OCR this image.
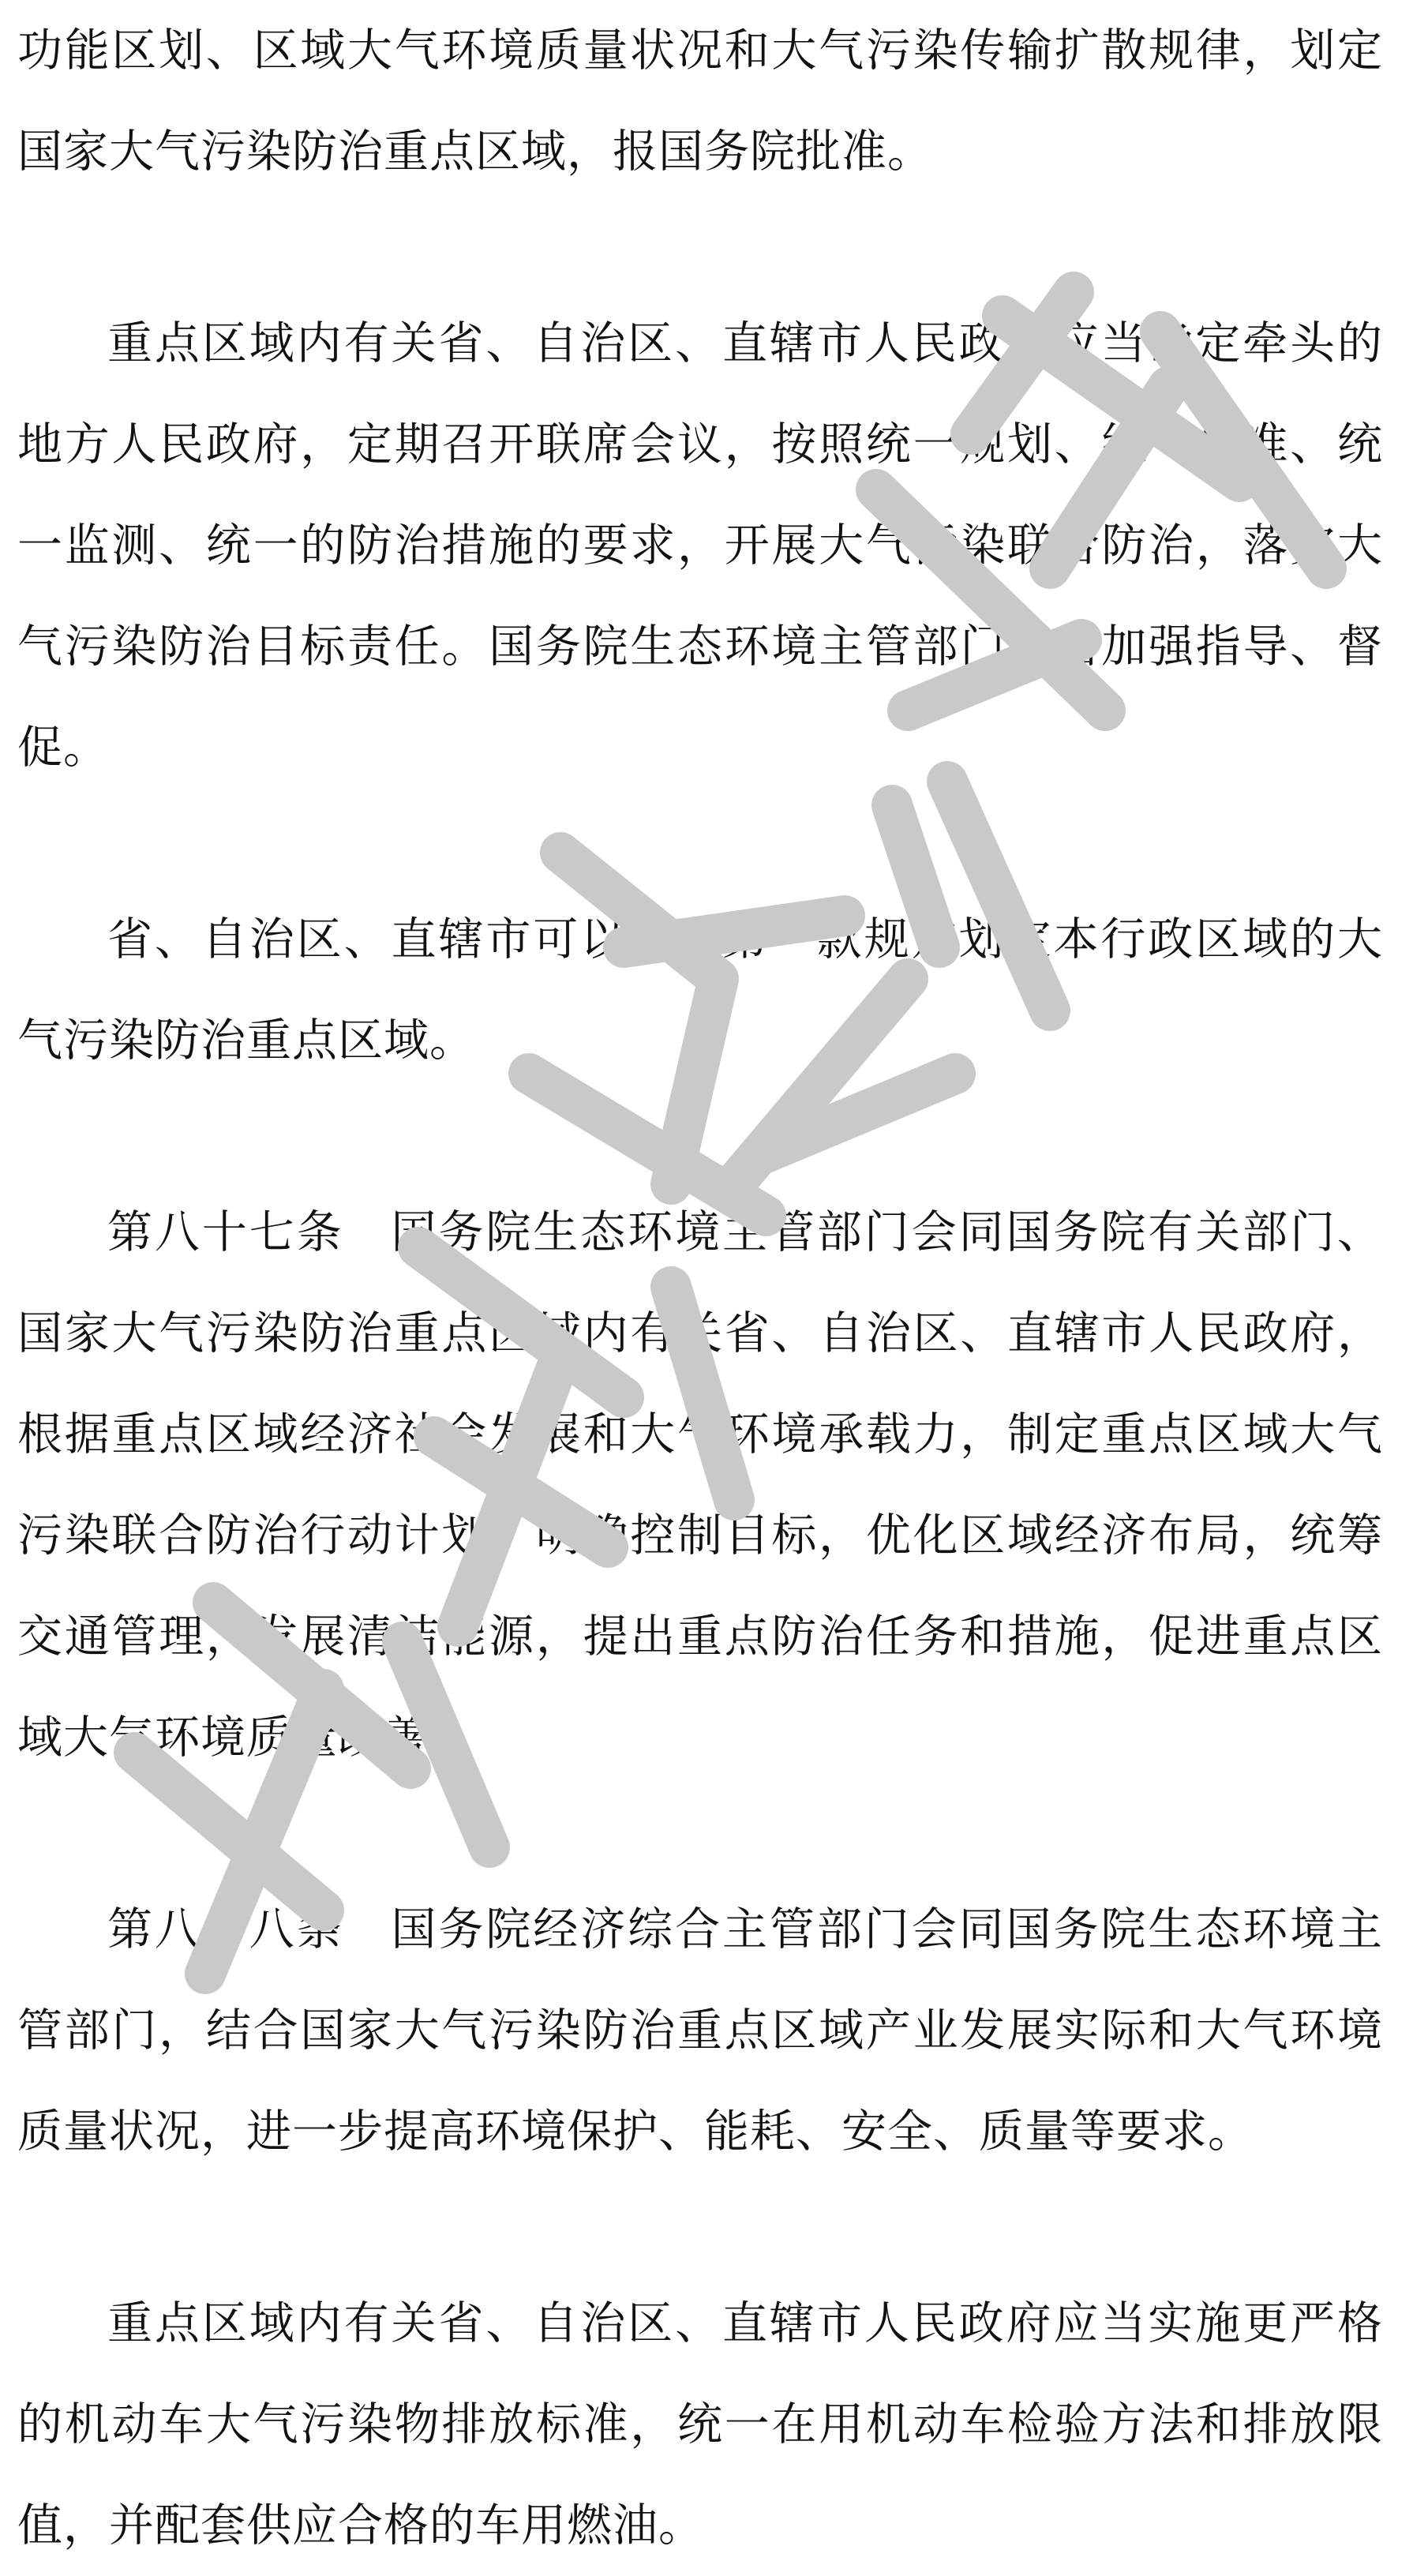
功能区划、区域大气环境质量状况和大气污染传输扩散规律，划定国家大气污染防治重点区域，报国务院批准。

重点区域内有关省、自治区、直辖市人民政府应当确定牵头的地方人民政府，定期召开联席会议，按照统一规划、统一标准、统一监测、统一的防治措施的要求，开展大气污染联合防治，落实大气污染防治目标责任。国务院生态环境主管部门应当加强指导、督促。

省、自治区、直辖市可以参照第一款规定划定本行政区域的大气污染防治重点区域。

第八十七条　国务院生态环境主管部门会同国务院有关部门、国家大气污染防治重点区域内有关省、自治区、直辖市人民政府，根据重点区域经济社会发展和大气环境承载力，制定重点区域大气污染联合防治行动计划，明确控制目标，优化区域经济布局，统筹交通管理，发展清洁能源，提出重点防治任务和措施，促进重点区域大气环境质量改善。

第八十八条　国务院经济综合主管部门会同国务院生态环境主管部门，结合国家大气污染防治重点区域产业发展实际和大气环境质量状况，进一步提高环境保护、能耗、安全、质量等要求。

重点区域内有关省、自治区、直辖市人民政府应当实施更严格的机动车大气污染物排放标准，统一在用机动车检验方法和排放限值，并配套供应合格的车用燃油。
